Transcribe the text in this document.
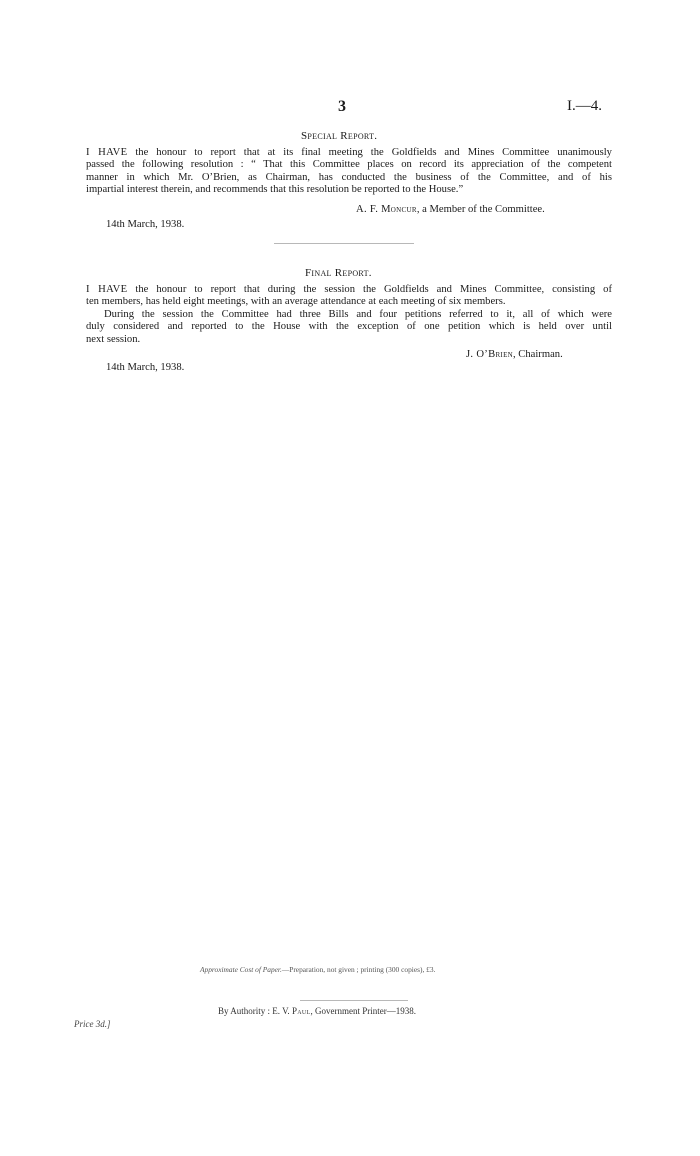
3	I.—4.
Special Report.
I HAVE the honour to report that at its final meeting the Goldfields and Mines Committee unanimously
passed the following resolution : “ That this Committee places on record its appreciation of the competent
manner in which Mr. O’Brien, as Chairman, has conducted the business of the Committee, and of his
impartial interest therein, and recommends that this resolution be reported to the House.”
A. F. Moncur, a Member of the Committee.
14th March, 1938.
Final Report.
I HAVE the honour to report that during the session the Goldfields and Mines Committee, consisting of
ten members, has held eight meetings, with an average attendance at each meeting of six members.
During the session the Committee had three Bills and four petitions referred to it, all of which were
duly considered and reported to the House with the exception of one petition which is held over until
next session.
J. O’Brien, Chairman.
14th March, 1938.
Approximate Cost of Paper.—Preparation, not given ; printing (300 copies), £3.
By Authority : E. V. Paul, Government Printer—1938.
Price 3d.]
